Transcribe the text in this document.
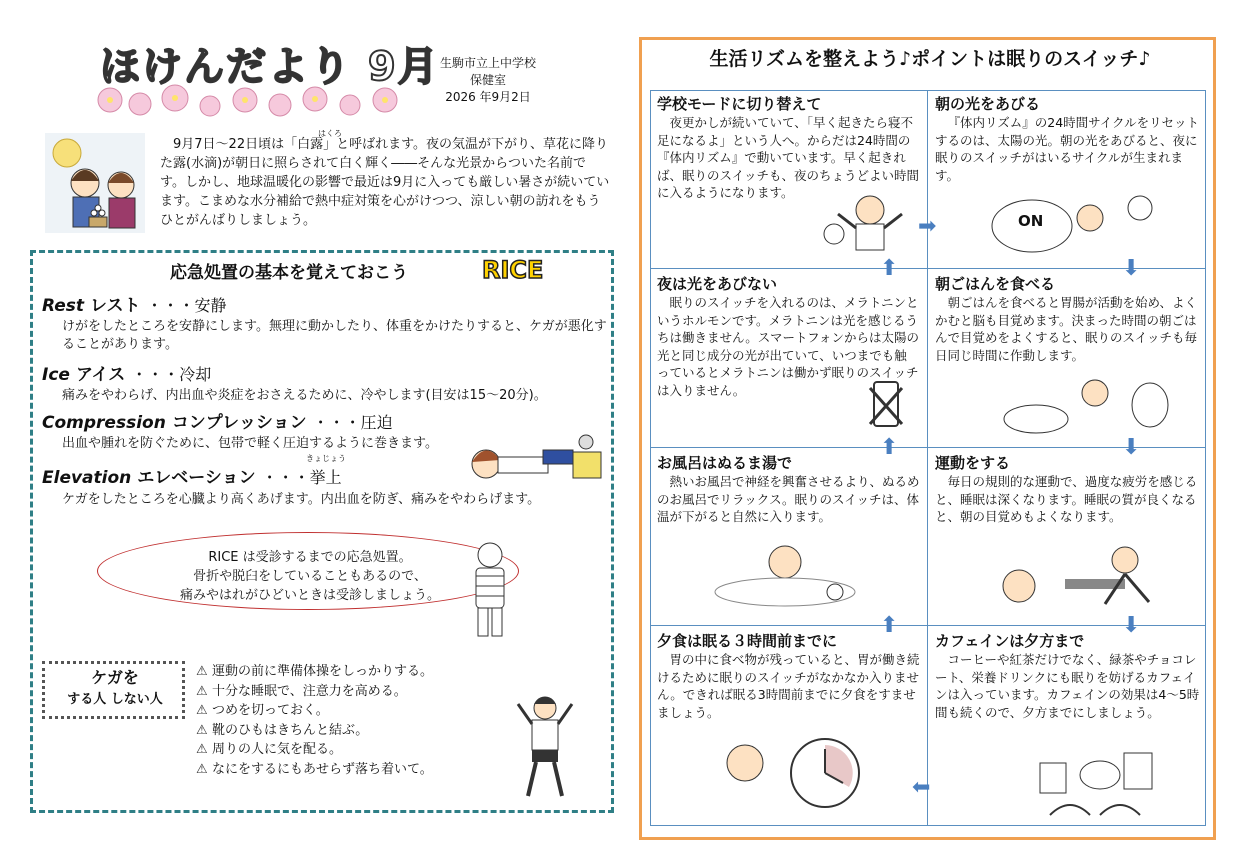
ほけんだより 9月 生駒市立上中学校
保健室
2026 年9月2日
はくろ

9月7日～22日頃は「白露」と呼ばれます。夜の気温が下がり、草花に降りた露(水滴)が朝日に照らされて白く輝く――そんな光景からついた名前です。しかし、地球温暖化の影響で最近は9月に入っても厳しい暑さが続いています。こまめな水分補給で熱中症対策を心がけつつ、涼しい朝の訪れをもうひとがんばりしましょう。

応急処置の基本を覚えておこう	RICE
Rest レスト ・・・安静

けがをしたところを安静にします。無理に動かしたり、体重をかけたりすると、ケガが悪化することがあります。

Ice アイス ・・・冷却

痛みをやわらげ、内出血や炎症をおさえるために、冷やします(目安は15～20分)。

Compression コンプレッション ・・・圧迫

出血や腫れを防ぐために、包帯で軽く圧迫するように巻きます。

きょじょう
Elevation エレベーション ・・・挙上

ケガをしたところを心臓より高くあげます。内出血を防ぎ、痛みをやわらげます。

RICE は受診するまでの応急処置。
骨折や脱臼をしていることもあるので、
痛みやはれがひどいときは受診しましょう。
ケガを
する人 しない人
⚠ 運動の前に準備体操をしっかりする。
⚠ 十分な睡眠で、注意力を高める。
⚠ つめを切っておく。
⚠ 靴のひもはきちんと結ぶ。
⚠ 周りの人に気を配る。
⚠ なにをするにもあせらず落ち着いて。
生活リズムを整えよう♪ポイントは眠りのスイッチ♪
学校モードに切り替えて

夜更かしが続いていて、「早く起きたら寝不足になるよ」という人へ。からだは24時間の『体内リズム』で動いています。早く起きれば、眠りのスイッチも、夜のちょうどよい時間に入るようになります。

朝の光をあびる

『体内リズム』の24時間サイクルをリセットするのは、太陽の光。朝の光をあびると、夜に眠りのスイッチがはいるサイクルが生まれます。

ON
夜は光をあびない

眠りのスイッチを入れるのは、メラトニンというホルモンです。メラトニンは光を感じるうちは働きません。スマートフォンからは太陽の光と同じ成分の光が出ていて、いつまでも触っているとメラトニンは働かず眠りのスイッチは入りません。

朝ごはんを食べる

朝ごはんを食べると胃腸が活動を始め、よくかむと脳も目覚めます。決まった時間の朝ごはんで目覚めをよくすると、眠りのスイッチも毎日同じ時間に作動します。

お風呂はぬるま湯で

熱いお風呂で神経を興奮させるより、ぬるめのお風呂でリラックス。眠りのスイッチは、体温が下がると自然に入ります。

運動をする

毎日の規則的な運動で、過度な疲労を感じると、睡眠は深くなります。睡眠の質が良くなると、朝の目覚めもよくなります。

夕食は眠る３時間前までに

胃の中に食べ物が残っていると、胃が働き続けるために眠りのスイッチがなかなか入りません。できれば眠る3時間前までに夕食をすませましょう。

カフェインは夕方まで

コーヒーや紅茶だけでなく、緑茶やチョコレート、栄養ドリンクにも眠りを妨げるカフェインは入っています。カフェインの効果は4～5時間も続くので、夕方までにしましょう。

➡
⬇
⬆
⬇
⬆
⬇
⬆
⬅
